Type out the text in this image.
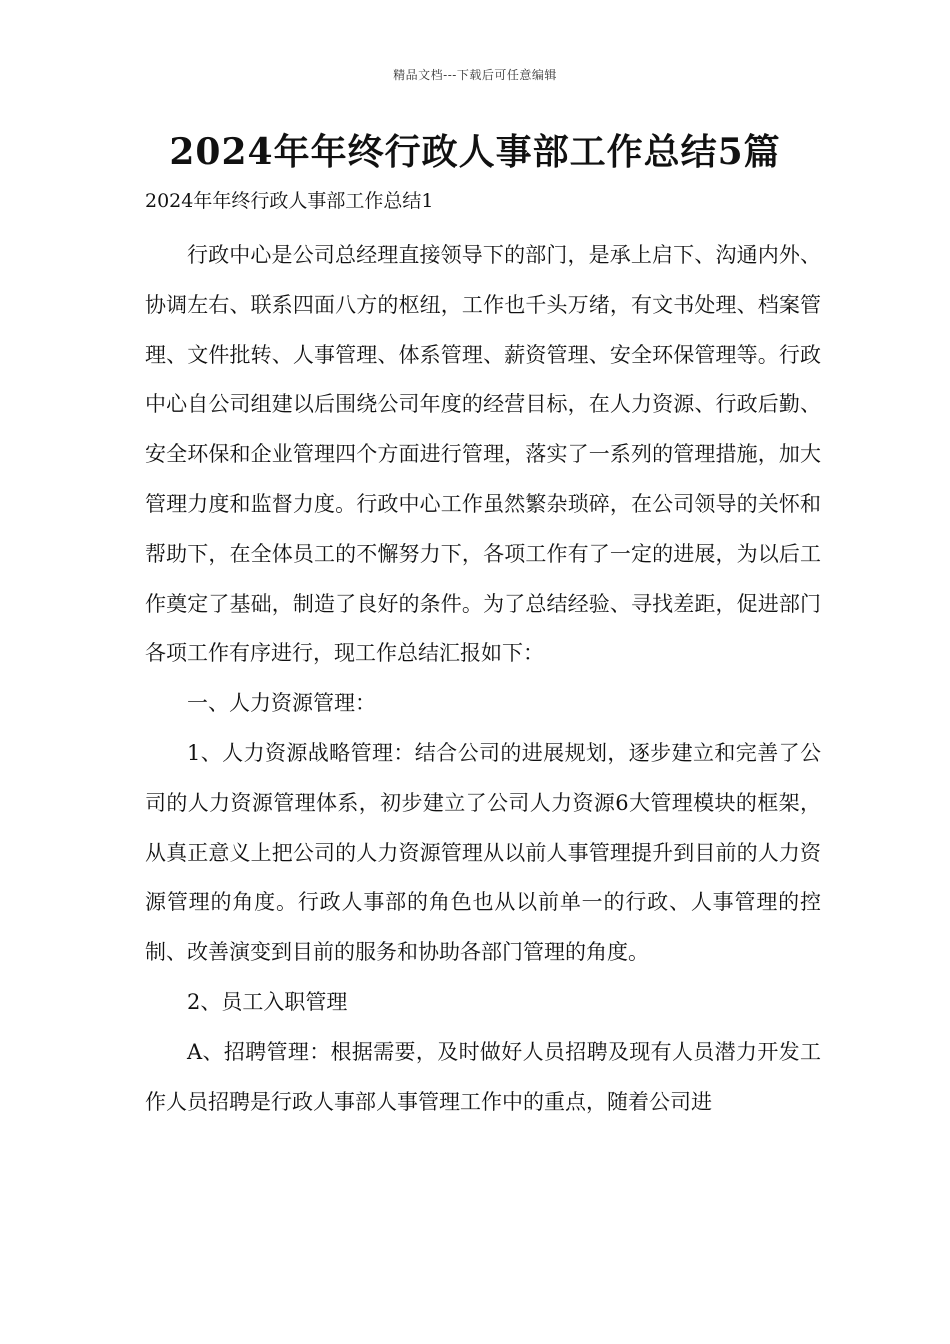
精品文档---下载后可任意编辑
2024年年终行政人事部工作总结5篇

2024年年终行政人事部工作总结1

行政中心是公司总经理直接领导下的部门，是承上启下、沟通内外、协调左右、联系四面八方的枢纽，工作也千头万绪，有文书处理、档案管理、文件批转、人事管理、体系管理、薪资管理、安全环保管理等。行政中心自公司组建以后围绕公司年度的经营目标，在人力资源、行政后勤、安全环保和企业管理四个方面进行管理，落实了一系列的管理措施，加大管理力度和监督力度。行政中心工作虽然繁杂琐碎，在公司领导的关怀和帮助下，在全体员工的不懈努力下，各项工作有了一定的进展，为以后工作奠定了基础，制造了良好的条件。为了总结经验、寻找差距，促进部门各项工作有序进行，现工作总结汇报如下：

一、人力资源管理：

1、人力资源战略管理：结合公司的进展规划，逐步建立和完善了公司的人力资源管理体系，初步建立了公司人力资源6大管理模块的框架，从真正意义上把公司的人力资源管理从以前人事管理提升到目前的人力资源管理的角度。行政人事部的角色也从以前单一的行政、人事管理的控制、改善演变到目前的服务和协助各部门管理的角度。

2、员工入职管理

A、招聘管理：根据需要，及时做好人员招聘及现有人员潜力开发工作人员招聘是行政人事部人事管理工作中的重点，随着公司进
